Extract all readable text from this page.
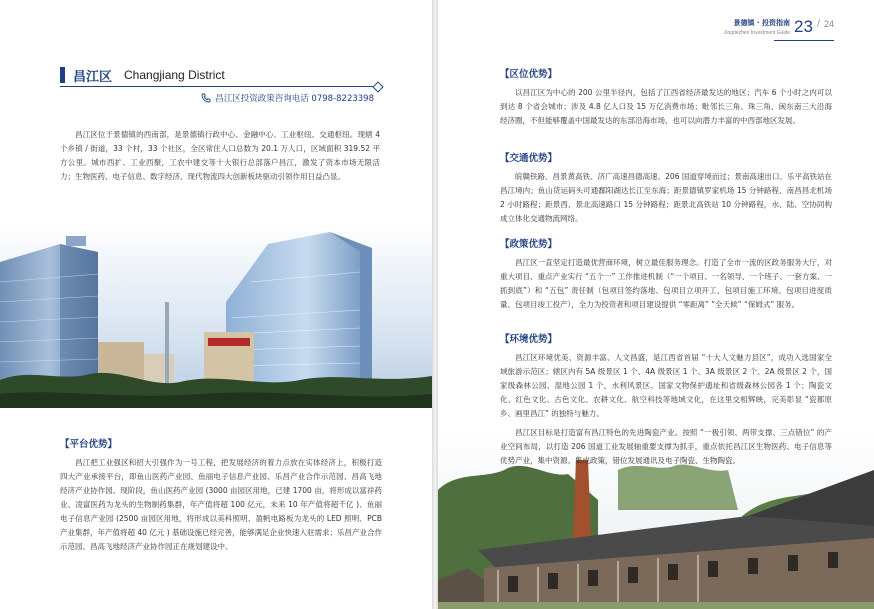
昌江区 Changjiang District
昌江区投资政策咨询电话 0798-8223398

昌江区位于景德镇的西南部，是景德镇行政中心、金融中心、工业枢纽、交通枢纽。现辖 4 个乡镇 / 街道，33 个村，33 个社区，全区常住人口总数为 20.1 万人口，区域面积 319.52 平方公里。城市西扩、工业西聚，工农中建交等十大银行总部落户昌江，激发了资本市场无限活力；生物医药、电子信息、数字经济、现代物流四大创新板块驱动引领作用日益凸显。

【平台优势】

昌江把工业强区和招大引强作为一号工程，把发展经济的着力点放在实体经济上，积极打造四大产业承接平台，即鱼山医药产业园、鱼丽电子信息产业园、乐昌产业合作示范园、昌高飞地经济产业协作园。现阶段，鱼山医药产业园 (3000 亩园区用地，已建 1700 亩，将形成以富祥药业、凌富医药为龙头的生物制药集群，年产值将超 100 亿元，未来 10 年产值将超千亿 )、鱼丽电子信息产业园 (2500 亩园区用地，将形成以美科照明、盈帆电路板为龙头的 LED 照明、PCB 产业集群，年产值将超 40 亿元 ) 基础设施已经完善，能够满足企业快速入驻需求；乐昌产业合作示范园、昌高飞地经济产业协作园正在规划建设中。

景德镇 · 投资指南
Jingdezhen Investment Guide 23 / 24
【区位优势】

以昌江区为中心的 200 公里半径内，包括了江西省经济最发达的地区；汽车 6 个小时之内可以到达 8 个省会城市；涉及 4.8 亿人口及 15 万亿消费市场；毗邻长三角、珠三角、闽东南三大沿海经济圈，不但能够覆盖中国最发达的东部沿海市场，也可以向潜力丰富的中西部地区发展。

【交通优势】

皖赣铁路、昌景黄高铁、济广高速昌德高速、206 国道穿境而过；景南高速出口、乐平高铁站在昌江境内；鱼山货运码头可通鄱阳湖达长江至东海；距景德镇罗家机场 15 分钟路程、南昌昌北机场 2 小时路程；距景西、景北高速路口 15 分钟路程；距景北高铁站 10 分钟路程，水、陆、空协同构成立体化交通物流网络。

【政策优势】

昌江区一直坚定打造最优营商环境，树立最佳服务理念。打造了全市一流的区政务服务大厅，对重大项目、重点产业实行 “五个一” 工作推进机制（“一个项目、一名领导、一个班子、一套方案、一抓到底”）和 “五包” 责任制（包项目签约落地、包项目立项开工、包项目施工环境、包项目进度质量、包项目竣工投产），全力为投资者和项目建设提供 “零距离” “全天候” “保姆式” 服务。

【环境优势】

昌江区环境优美、资源丰富、人文昌盛，是江西省首届 “十大人文魅力县区”，成功入选国家全域旅游示范区；辖区内有 5A 级景区 1 个、4A 级景区 1 个、3A 级景区 2 个、2A 级景区 2 个，国家级森林公园、湿地公园 1 个，水利风景区、国家文物保护遗址和省级森林公园各 1 个；陶瓷文化、红色文化、古色文化、农耕文化、航空科技等地域文化，在这里交相辉映，完美彰显 “瓷都原乡、画里昌江” 的独特与魅力。

昌江区目标是打造富有昌江特色的先进陶瓷产业。按照 “一极引领、两带支撑、三点错位” 的产业空间布局，以打造 206 国道工业发展轴重要支撑为抓手，重点依托昌江区生物医药、电子信息等优势产业，集中资源、集成政策，错位发展通讯及电子陶瓷、生物陶瓷。
